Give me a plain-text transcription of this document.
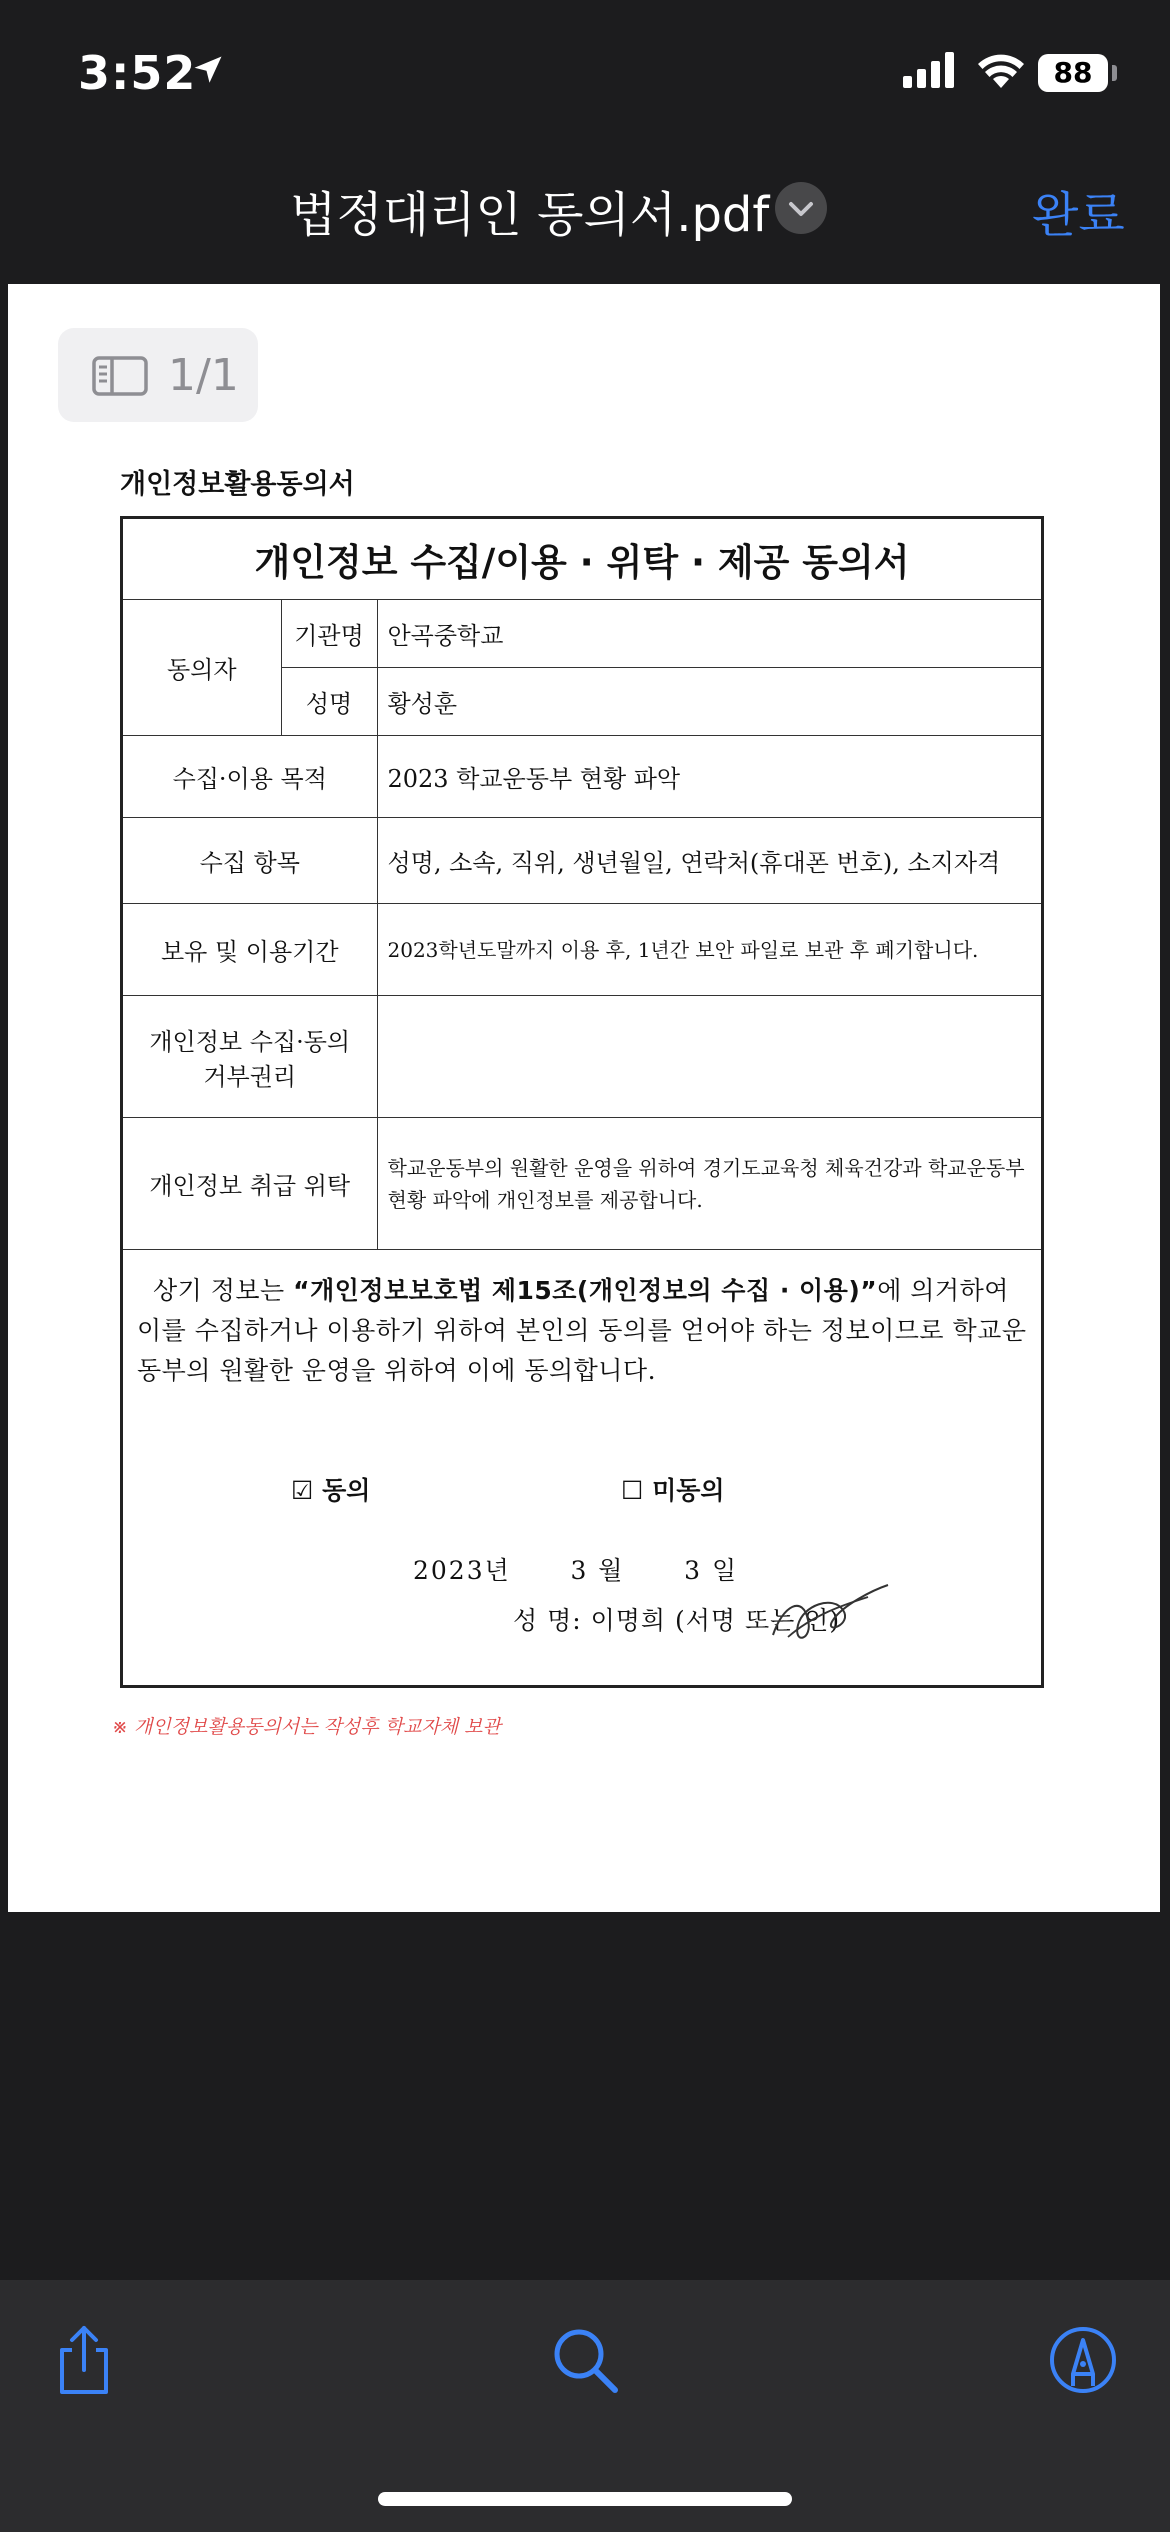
3:52	88
법정대리인 동의서.pdf	완료
1/1
개인정보활용동의서
개인정보 수집/이용 · 위탁 · 제공 동의서		
동의자	기관명	안곡중학교
	성명	황성훈
수집·이용 목적		2023 학교운동부 현황 파악
수집 항목		성명, 소속, 직위, 생년월일, 연락처(휴대폰 번호), 소지자격
보유 및 이용기간		2023학년도말까지 이용 후, 1년간 보안 파일로 보관 후 폐기합니다.
개인정보 수집·동의
거부권리		
개인정보 취급 위탁		학교운동부의 원활한 운영을 위하여 경기도교육청 체육건강과 학교운동부 현황 파악에 개인정보를 제공합니다.
상기 정보는 “개인정보보호법 제15조(개인정보의 수집 · 이용)”에 의거하여 이를 수집하거나 이용하기 위하여 본인의 동의를 얻어야 하는 정보이므로 학교운동부의 원활한 운영을 위하여 이에 동의합니다.
☑ 동의	☐ 미동의
2023년      3 월      3 일
성 명: 이명희 (서명 또는 인)
※ 개인정보활용동의서는 작성후 학교자체 보관
